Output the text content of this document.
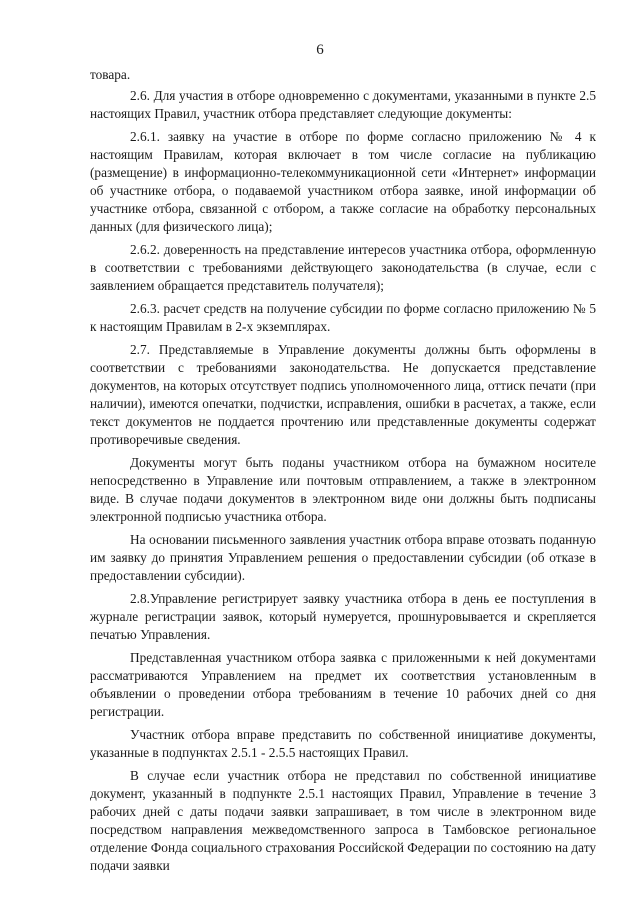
6

товара.

2.6. Для участия в отборе одновременно с документами, указанными в пункте 2.5 настоящих Правил, участник отбора представляет следующие документы:

2.6.1. заявку на участие в отборе по форме согласно приложению № 4 к настоящим Правилам, которая включает в том числе согласие на публикацию (размещение) в информационно-телекоммуникационной сети «Интернет» информации об участнике отбора, о подаваемой участником отбора заявке, иной информации об участнике отбора, связанной с отбором, а также согласие на обработку персональных данных (для физического лица);

2.6.2. доверенность на представление интересов участника отбора, оформленную в соответствии с требованиями действующего законодательства (в случае, если с заявлением обращается представитель получателя);

2.6.3. расчет средств на получение субсидии по форме согласно приложению № 5 к настоящим Правилам в 2-х экземплярах.

2.7. Представляемые в Управление документы должны быть оформлены в соответствии с требованиями законодательства. Не допускается представление документов, на которых отсутствует подпись уполномоченного лица, оттиск печати (при наличии), имеются опечатки, подчистки, исправления, ошибки в расчетах, а также, если текст документов не поддается прочтению или представленные документы содержат противоречивые сведения.

Документы могут быть поданы участником отбора на бумажном носителе непосредственно в Управление или почтовым отправлением, а также в электронном виде. В случае подачи документов в электронном виде они должны быть подписаны электронной подписью участника отбора.

На основании письменного заявления участник отбора вправе отозвать поданную им заявку до принятия Управлением решения о предоставлении субсидии (об отказе в предоставлении субсидии).

2.8.Управление регистрирует заявку участника отбора в день ее поступления в журнале регистрации заявок, который нумеруется, прошнуровывается и скрепляется печатью Управления.

Представленная участником отбора заявка с приложенными к ней документами рассматриваются Управлением на предмет их соответствия установленным в объявлении о проведении отбора требованиям в течение 10 рабочих дней со дня регистрации.

Участник отбора вправе представить по собственной инициативе документы, указанные в подпунктах 2.5.1 - 2.5.5 настоящих Правил.

В случае если участник отбора не представил по собственной инициативе документ, указанный в подпункте 2.5.1 настоящих Правил, Управление в течение 3 рабочих дней с даты подачи заявки запрашивает, в том числе в электронном виде посредством направления межведомственного запроса в Тамбовское региональное отделение Фонда социального страхования Российской Федерации по состоянию на дату подачи заявки
